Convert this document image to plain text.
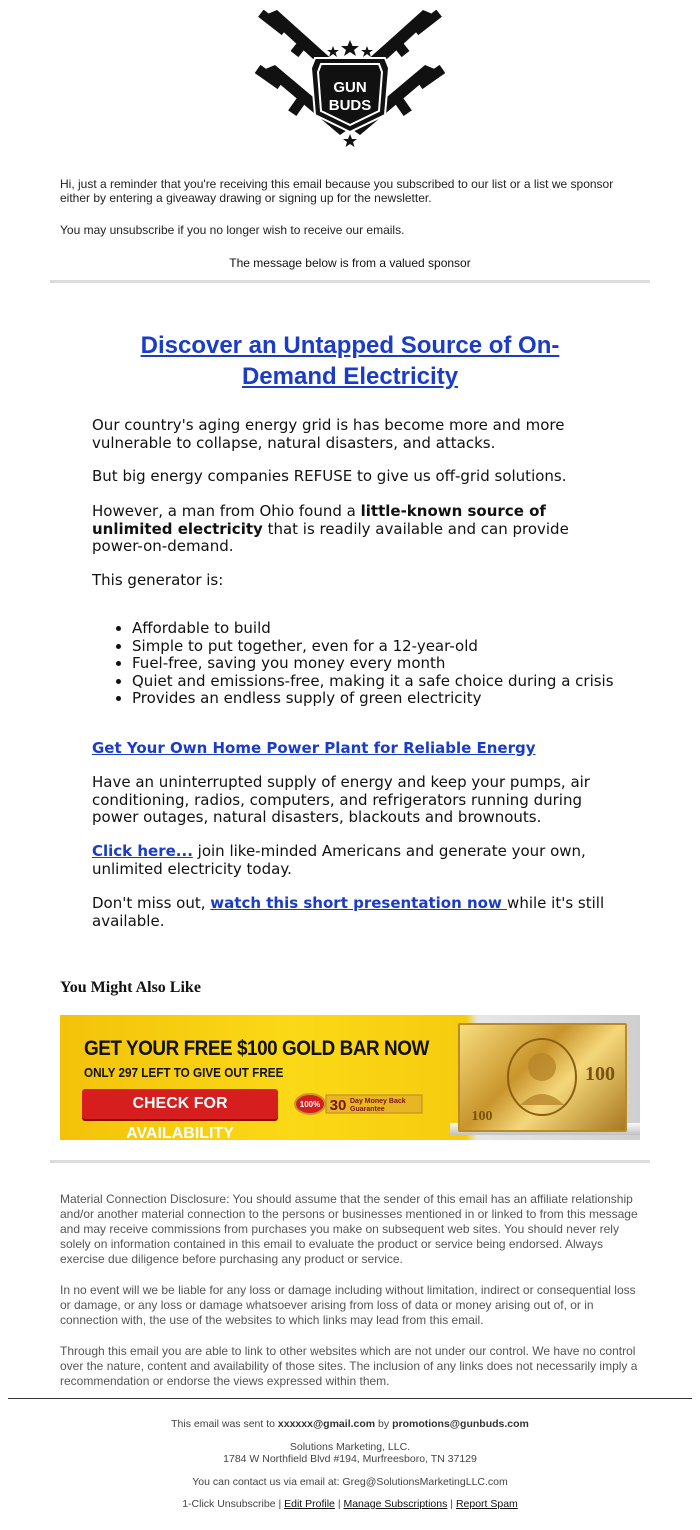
GUN
BUDS
Hi, just a reminder that you're receiving this email because you subscribed to our list or a list we sponsor either by entering a giveaway drawing or signing up for the newsletter.
You may unsubscribe if you no longer wish to receive our emails.
The message below is from a valued sponsor
Discover an Untapped Source of On-Demand Electricity
Our country's aging energy grid is has become more and more vulnerable to collapse, natural disasters, and attacks.
But big energy companies REFUSE to give us off-grid solutions.
However, a man from Ohio found a little-known source of unlimited electricity that is readily available and can provide power-on-demand.
This generator is:
• Affordable to build
• Simple to put together, even for a 12-year-old
• Fuel-free, saving you money every month
• Quiet and emissions-free, making it a safe choice during a crisis
• Provides an endless supply of green electricity
Get Your Own Home Power Plant for Reliable Energy
Have an uninterrupted supply of energy and keep your pumps, air conditioning, radios, computers, and refrigerators running during power outages, natural disasters, blackouts and brownouts.
Click here... join like-minded Americans and generate your own, unlimited electricity today.
Don't miss out, watch this short presentation now while it's still available.
You Might Also Like
GET YOUR FREE $100 GOLD BAR NOW
ONLY 297 LEFT TO GIVE OUT FREE
CHECK FOR AVAILABILITY
100% 30 Day Money Back
Guarantee
100
100
Material Connection Disclosure: You should assume that the sender of this email has an affiliate relationship and/or another material connection to the persons or businesses mentioned in or linked to from this message and may receive commissions from purchases you make on subsequent web sites. You should never rely solely on information contained in this email to evaluate the product or service being endorsed. Always exercise due diligence before purchasing any product or service.
In no event will we be liable for any loss or damage including without limitation, indirect or consequential loss or damage, or any loss or damage whatsoever arising from loss of data or money arising out of, or in connection with, the use of the websites to which links may lead from this email.
Through this email you are able to link to other websites which are not under our control. We have no control over the nature, content and availability of those sites. The inclusion of any links does not necessarily imply a recommendation or endorse the views expressed within them.
This email was sent to xxxxxx@gmail.com by promotions@gunbuds.com
Solutions Marketing, LLC.
1784 W Northfield Blvd #194, Murfreesboro, TN 37129
You can contact us via email at: Greg@SolutionsMarketingLLC.com
1-Click Unsubscribe | Edit Profile | Manage Subscriptions | Report Spam
